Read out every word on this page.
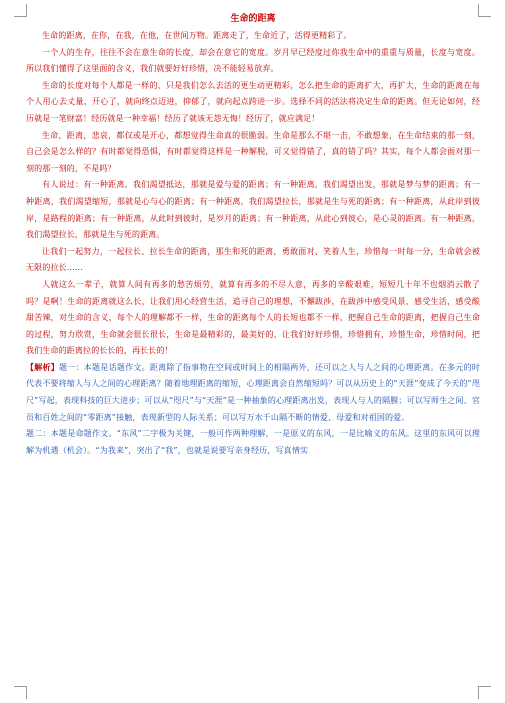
生命的距离

生命的距离，在你，在我，在他，在世间万物。距离走了，生命近了，活得更精彩了。

一个人的生存，往往不会在意生命的长度，却会在意它的宽度。岁月早已经度过你我生命中的重重与质量，长度与宽度。所以我们懂得了这里面的含义，我们就要好好珍惜，决不能轻易放弃。

生命的长度对每个人都是一样的，只是我们怎么去活的更生动更精彩，怎么把生命的距离扩大，再扩大，生命的距离在每个人用心去丈量，开心了，就向终点迈进，抑郁了，就向起点跨进一步。选择不同的活法将决定生命的距离。但无论如何，经历就是一笔财富！经历就是一种幸福！经历了就该无怨无悔！经历了，就应满足！

生命，距离，悲哀，都仅或是开心，都想觉得生命真的很脆弱。生命是那么不堪一击，不敢想象，在生命结束的那一刻，自己会是怎么样的？有时都觉得恐惧，有时都觉得这样是一种解脱，可又觉得错了，真的错了吗？其实，每个人都会面对那一刻的那一刻的，不是吗？

有人说过：有一种距离，我们渴望抵达，那就是爱与爱的距离；有一种距离，我们渴望出发，那就是梦与梦的距离；有一种距离，我们渴望缩短，那就是心与心的距离；有一种距离，我们渴望拉长，那就是生与死的距离；有一种距离，从此岸到彼岸，是路程的距离；有一种距离，从此时到彼时，是岁月的距离；有一种距离，从此心到彼心，是心灵的距离。有一种距离，我们渴望拉长，那就是生与死的距离。

让我们一起努力，一起拉长、拉长生命的距离，那生和死的距离，勇敢面对、笑着人生，珍惜每一时每一分，生命就会被无限的拉长……

人就这么一辈子，就算人间有再多的愁苦烦劳，就算有再多的不尽人意，再多的辛酸艰难，短短几十年不也烟消云散了吗？是啊！生命的距离就这么长，让我们用心经营生活，追寻自己的理想，不懈跋涉，在跋涉中感受风景，感受生活，感受酸甜苦辣，对生命的含义，每个人的理解都不一样，生命的距离每个人的长短也都不一样，把握自己生命的距离，把握自己生命的过程，努力欣赏，生命就会很长很长，生命是最精彩的，最美好的，让我们好好珍惜，珍惜拥有，珍惜生命，珍惜时间，把我们生命的距离拉的长长的，再长长的！

【解析】题一：本题是话题作文。距离除了指事物在空间或时间上的相隔两外，还可以之人与人之间的心理距离。在多元的时代表不要将缩人与人之间的心理距离？随着地理距离的缩短，心理距离会自然缩短吗？可以从历史上的“天涯”变成了今天的“咫尺”写起，表现科技的巨大进步；可以从“咫尺”与“天涯”是一种抽象的心理距离出发，表现人与人的隔膜；可以写师生之间、官员和百姓之间的“零距离”接触，表现新型的人际关系；可以写万水千山隔不断的情爱、母爱和对祖国的爱。

题二：本题是命题作文。“东风”二字极为关键，一般可作两种理解，一是原义的东风，一是比喻义的东风。这里的东风可以理解为机遇（机会）。“为我来”，突出了“我”，也就是说要写亲身经历，写真情实
